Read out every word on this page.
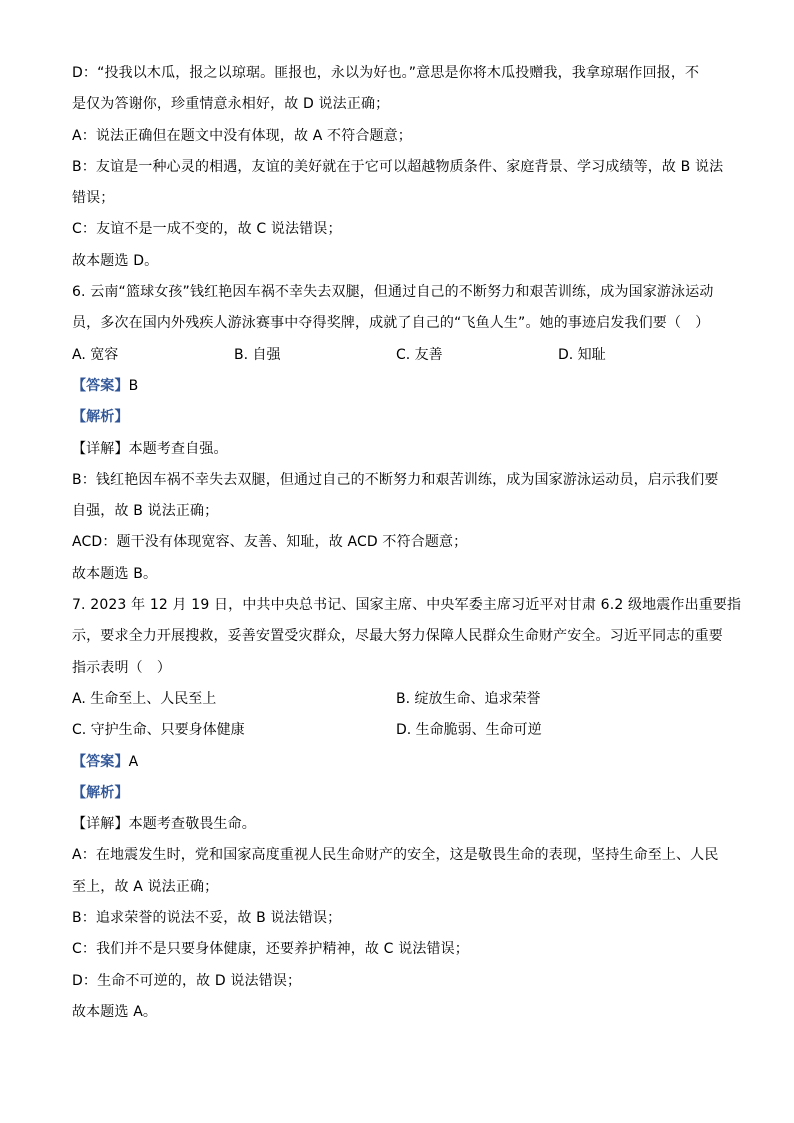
D：“投我以木瓜，报之以琼琚。匪报也，永以为好也。”意思是你将木瓜投赠我，我拿琼琚作回报，不
是仅为答谢你，珍重情意永相好，故 D 说法正确；
A：说法正确但在题文中没有体现，故 A 不符合题意；
B：友谊是一种心灵的相遇，友谊的美好就在于它可以超越物质条件、家庭背景、学习成绩等，故 B 说法
错误；
C：友谊不是一成不变的，故 C 说法错误；
故本题选 D。
6. 云南“篮球女孩”钱红艳因车祸不幸失去双腿，但通过自己的不断努力和艰苦训练，成为国家游泳运动
员，多次在国内外残疾人游泳赛事中夺得奖牌，成就了自己的“飞鱼人生”。她的事迹启发我们要（　）
A. 宽容	B. 自强	C. 友善	D. 知耻
【答案】B
【解析】
【详解】本题考查自强。
B：钱红艳因车祸不幸失去双腿，但通过自己的不断努力和艰苦训练，成为国家游泳运动员，启示我们要
自强，故 B 说法正确；
ACD：题干没有体现宽容、友善、知耻，故 ACD 不符合题意；
故本题选 B。
7. 2023 年 12 月 19 日，中共中央总书记、国家主席、中央军委主席习近平对甘肃 6.2 级地震作出重要指
示，要求全力开展搜救，妥善安置受灾群众，尽最大努力保障人民群众生命财产安全。习近平同志的重要
指示表明（　）
A. 生命至上、人民至上	B. 绽放生命、追求荣誉
C. 守护生命、只要身体健康	D. 生命脆弱、生命可逆
【答案】A
【解析】
【详解】本题考查敬畏生命。
A：在地震发生时，党和国家高度重视人民生命财产的安全，这是敬畏生命的表现，坚持生命至上、人民
至上，故 A 说法正确；
B：追求荣誉的说法不妥，故 B 说法错误；
C：我们并不是只要身体健康，还要养护精神，故 C 说法错误；
D：生命不可逆的，故 D 说法错误；
故本题选 A。
